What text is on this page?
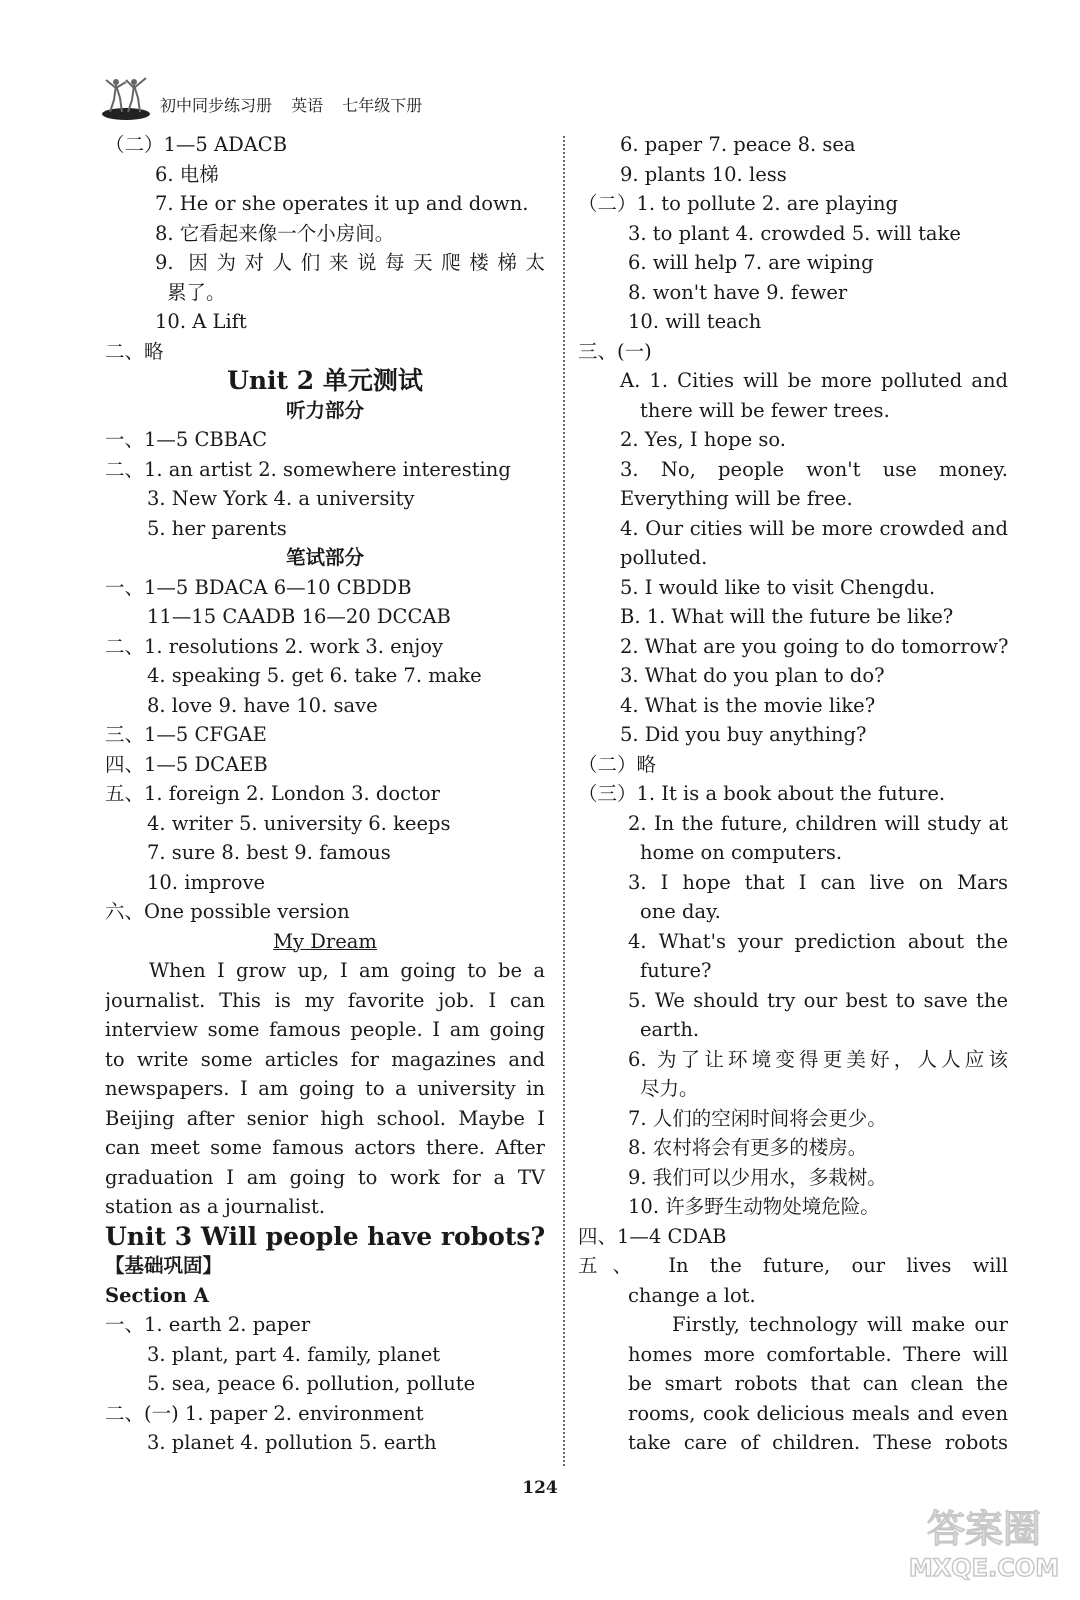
初中同步练习册 英语 七年级下册
（二）1—5 ADACB
6. 电梯
7. He or she operates it up and down.
8. 它看起来像一个小房间。
9. 因为对人们来说每天爬楼梯太
累了。
10. A Lift
二、略
Unit 2 单元测试
听力部分
一、1—5 CBBAC
二、1. an artist 2. somewhere interesting
3. New York 4. a university
5. her parents
笔试部分
一、1—5 BDACA 6—10 CBDDB
11—15 CAADB 16—20 DCCAB
二、1. resolutions 2. work 3. enjoy
4. speaking 5. get 6. take 7. make
8. love 9. have 10. save
三、1—5 CFGAE
四、1—5 DCAEB
五、1. foreign 2. London 3. doctor
4. writer 5. university 6. keeps
7. sure 8. best 9. famous
10. improve
六、One possible version
My Dream
When I grow up, I am going to be a
journalist. This is my favorite job. I can
interview some famous people. I am going
to write some articles for magazines and
newspapers. I am going to a university in
Beijing after senior high school. Maybe I
can meet some famous actors there. After
graduation I am going to work for a TV
station as a journalist.
Unit 3 Will people have robots?
【基础巩固】
Section A
一、1. earth 2. paper
3. plant, part 4. family, planet
5. sea, peace 6. pollution, pollute
二、(一) 1. paper 2. environment
3. planet 4. pollution 5. earth
6. paper 7. peace 8. sea
9. plants 10. less
（二）1. to pollute 2. are playing
3. to plant 4. crowded 5. will take
6. will help 7. are wiping
8. won't have 9. fewer
10. will teach
三、(一)
A. 1. Cities will be more polluted and
there will be fewer trees.
2. Yes, I hope so.
3. No, people won't use money.
Everything will be free.
4. Our cities will be more crowded and
polluted.
5. I would like to visit Chengdu.
B. 1. What will the future be like?
2. What are you going to do tomorrow?
3. What do you plan to do?
4. What is the movie like?
5. Did you buy anything?
（二）略
（三）1. It is a book about the future.
2. In the future, children will study at
home on computers.
3. I hope that I can live on Mars
one day.
4. What's your prediction about the
future?
5. We should try our best to save the
earth.
6. 为了让环境变得更美好，人人应该
尽力。
7. 人们的空闲时间将会更少。
8. 农村将会有更多的楼房。
9. 我们可以少用水，多栽树。
10. 许多野生动物处境危险。
四、1—4 CDAB
五、 In the future, our lives will
change a lot.
Firstly, technology will make our
homes more comfortable. There will
be smart robots that can clean the
rooms, cook delicious meals and even
take care of children. These robots
124
答案圈
MXQE.COM
